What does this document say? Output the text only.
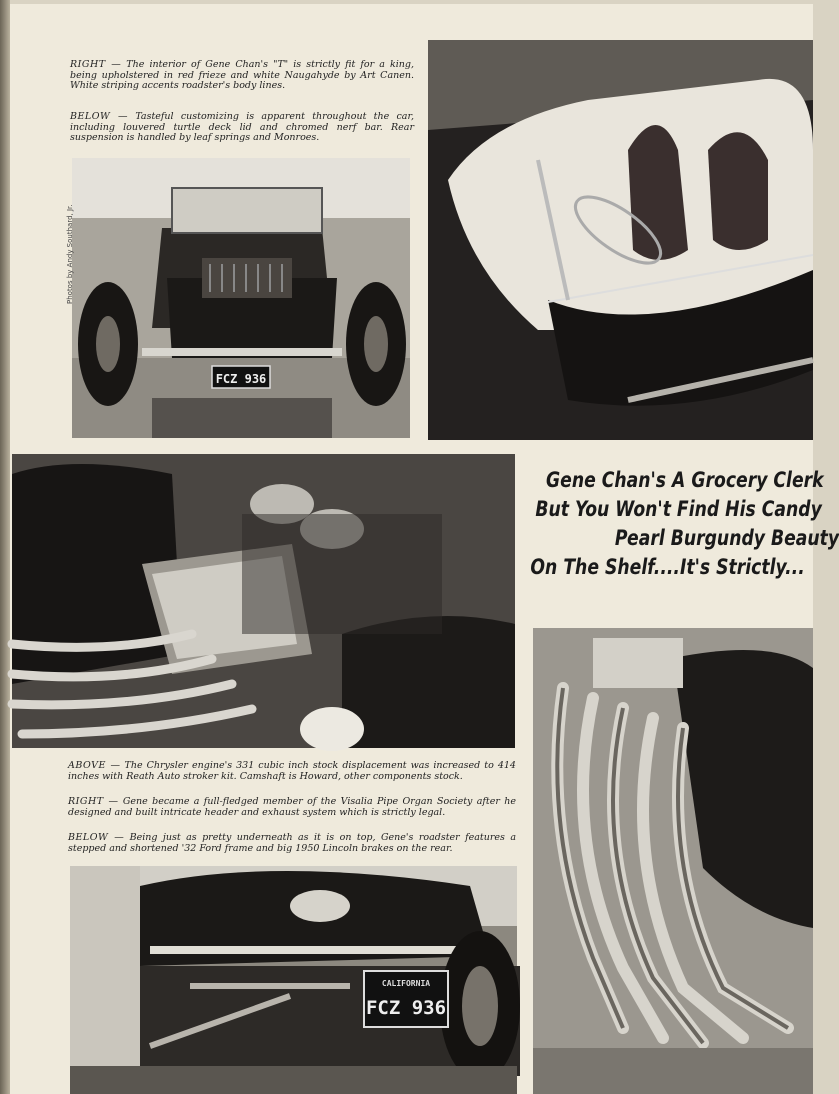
RIGHT — The interior of Gene Chan's "T" is strictly fit for a king, being upholstered in red frieze and white Naugahyde by Art Canen. White striping accents roadster's body lines.
BELOW — Tasteful customizing is apparent throughout the car, including louvered turtle deck lid and chromed nerf bar. Rear suspension is handled by leaf springs and Monroes.
FCZ 936
Photos by Andy Southard, Jr.
Gene Chan's A Grocery Clerk
But You Won't Find His Candy
Pearl Burgundy Beauty
On The Shelf....It's Strictly...
ABOVE — The Chrysler engine's 331 cubic inch stock displacement was increased to 414 inches with Reath Auto stroker kit. Camshaft is Howard, other components stock.
RIGHT — Gene became a full-fledged member of the Visalia Pipe Organ Society after he designed and built intricate header and exhaust system which is strictly legal.
BELOW — Being just as pretty underneath as it is on top, Gene's roadster features a stepped and shortened '32 Ford frame and big 1950 Lincoln brakes on the rear.
CALIFORNIA
FCZ 936
